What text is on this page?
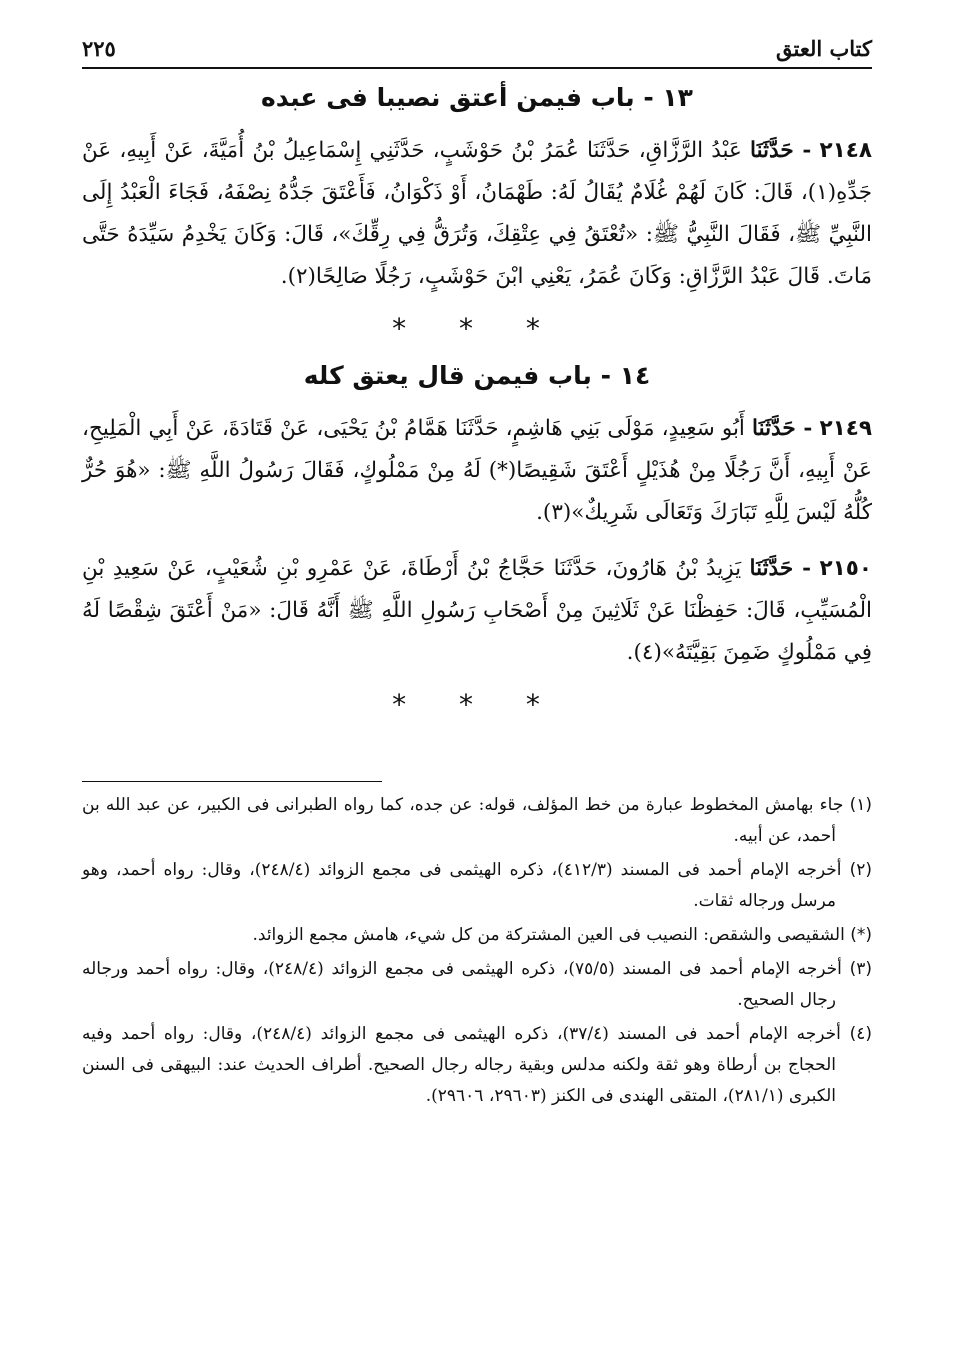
كتاب العتق
٢٢٥
١٣ - باب فيمن أعتق نصيبا فى عبده

٢١٤٨ - حَدَّثَنَا عَبْدُ الرَّزَّاقِ، حَدَّثَنَا عُمَرُ بْنُ حَوْشَبٍ، حَدَّثَنِي إِسْمَاعِيلُ بْنُ أُمَيَّةَ، عَنْ أَبِيهِ، عَنْ جَدِّهِ(١)، قَالَ: كَانَ لَهُمْ غُلَامٌ يُقَالُ لَهُ: طَهْمَانُ، أَوْ ذَكْوَانُ، فَأَعْتَقَ جَدُّهُ نِصْفَهُ، فَجَاءَ الْعَبْدُ إِلَى النَّبِيِّ ﷺ، فَقَالَ النَّبِيُّ ﷺ: «تُعْتَقُ فِي عِتْقِكَ، وَتُرَقُّ فِي رِقِّكَ»، قَالَ: وَكَانَ يَخْدِمُ سَيِّدَهُ حَتَّى مَاتَ. قَالَ عَبْدُ الرَّزَّاقِ: وَكَانَ عُمَرُ، يَعْنِي ابْنَ حَوْشَبٍ، رَجُلًا صَالِحًا(٢).

* * *
١٤ - باب فيمن قال يعتق كله

٢١٤٩ - حَدَّثَنَا أَبُو سَعِيدٍ، مَوْلَى بَنِي هَاشِمٍ، حَدَّثَنَا هَمَّامُ بْنُ يَحْيَى، عَنْ قَتَادَةَ، عَنْ أَبِي الْمَلِيحِ، عَنْ أَبِيهِ، أَنَّ رَجُلًا مِنْ هُذَيْلٍ أَعْتَقَ شَقِيصًا(*) لَهُ مِنْ مَمْلُوكٍ، فَقَالَ رَسُولُ اللَّهِ ﷺ: «هُوَ حُرٌّ كُلُّهُ لَيْسَ لِلَّهِ تَبَارَكَ وَتَعَالَى شَرِيكٌ»(٣).

٢١٥٠ - حَدَّثَنَا يَزِيدُ بْنُ هَارُونَ، حَدَّثَنَا حَجَّاجُ بْنُ أَرْطَاةَ، عَنْ عَمْرِو بْنِ شُعَيْبٍ، عَنْ سَعِيدِ بْنِ الْمُسَيِّبِ، قَالَ: حَفِظْنَا عَنْ ثَلَاثِينَ مِنْ أَصْحَابِ رَسُولِ اللَّهِ ﷺ أَنَّهُ قَالَ: «مَنْ أَعْتَقَ شِقْصًا لَهُ فِي مَمْلُوكٍ ضَمِنَ بَقِيَّتَهُ»(٤).

* * *
(١) جاء بهامش المخطوط عبارة من خط المؤلف، قوله: عن جده، كما رواه الطبرانى فى الكبير، عن عبد الله بن أحمد، عن أبيه.
(٢) أخرجه الإمام أحمد فى المسند (٤١٢/٣)، ذكره الهيثمى فى مجمع الزوائد (٢٤٨/٤)، وقال: رواه أحمد، وهو مرسل ورجاله ثقات.
(*) الشقيصى والشقص: النصيب فى العين المشتركة من كل شيء، هامش مجمع الزوائد.
(٣) أخرجه الإمام أحمد فى المسند (٧٥/٥)، ذكره الهيثمى فى مجمع الزوائد (٢٤٨/٤)، وقال: رواه أحمد ورجاله رجال الصحيح.
(٤) أخرجه الإمام أحمد فى المسند (٣٧/٤)، ذكره الهيثمى فى مجمع الزوائد (٢٤٨/٤)، وقال: رواه أحمد وفيه الحجاج بن أرطاة وهو ثقة ولكنه مدلس وبقية رجاله رجال الصحيح. أطراف الحديث عند: البيهقى فى السنن الكبرى (٢٨١/١)، المتقى الهندى فى الكنز (٢٩٦٠٣، ٢٩٦٠٦).
